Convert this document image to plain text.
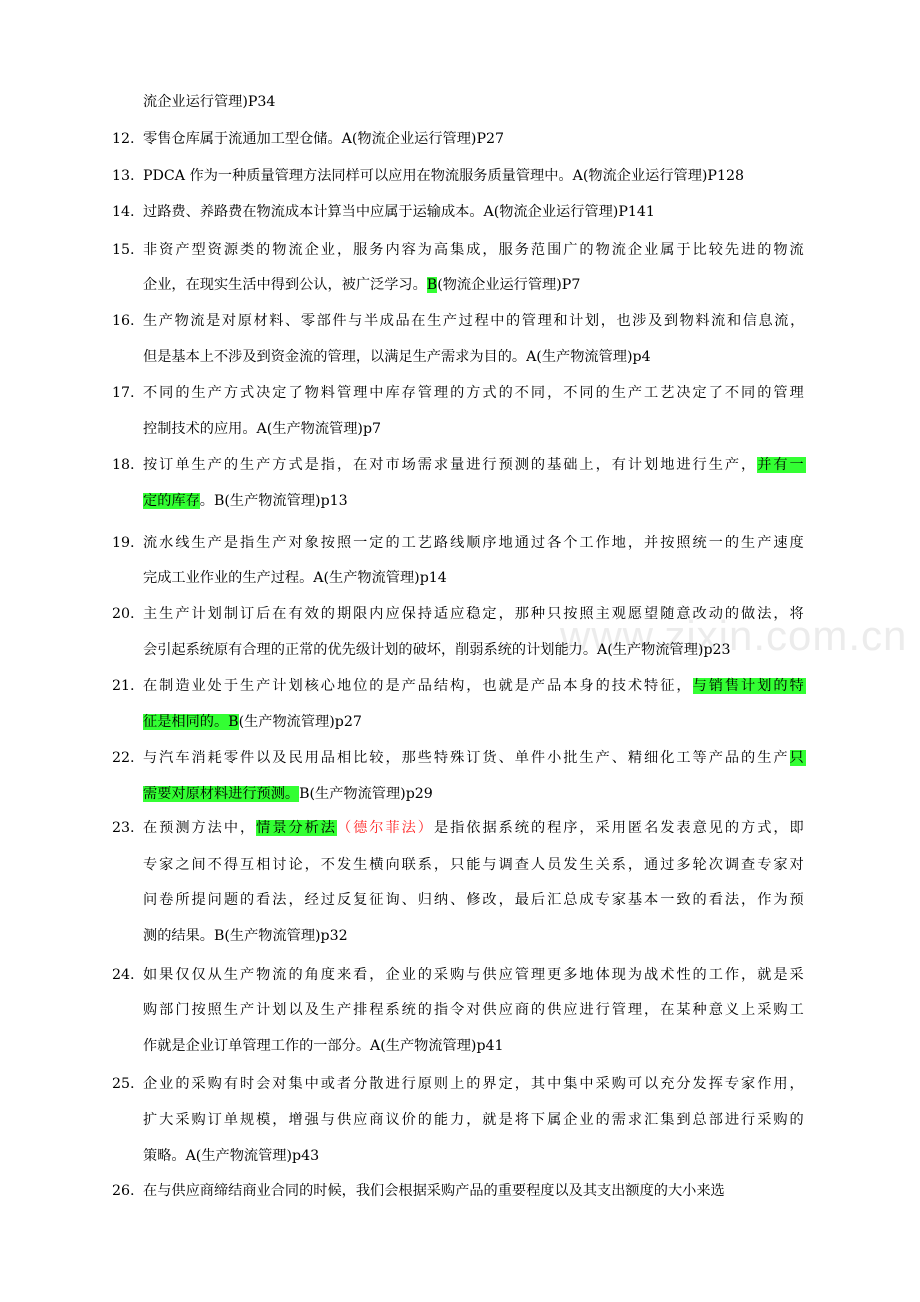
www.zixin.com.cn
流企业运行管理)P34
12. 零售仓库属于流通加工型仓储。A(物流企业运行管理)P27
13. PDCA 作为一种质量管理方法同样可以应用在物流服务质量管理中。A(物流企业运行管理)P128
14. 过路费、养路费在物流成本计算当中应属于运输成本。A(物流企业运行管理)P141
15. 非资产型资源类的物流企业，服务内容为高集成，服务范围广的物流企业属于比较先进的物流
企业，在现实生活中得到公认，被广泛学习。B(物流企业运行管理)P7
16. 生产物流是对原材料、零部件与半成品在生产过程中的管理和计划，也涉及到物料流和信息流，
但是基本上不涉及到资金流的管理，以满足生产需求为目的。A(生产物流管理)p4
17. 不同的生产方式决定了物料管理中库存管理的方式的不同，不同的生产工艺决定了不同的管理
控制技术的应用。A(生产物流管理)p7
18. 按订单生产的生产方式是指，在对市场需求量进行预测的基础上，有计划地进行生产，并有一
定的库存。B(生产物流管理)p13
19. 流水线生产是指生产对象按照一定的工艺路线顺序地通过各个工作地，并按照统一的生产速度
完成工业作业的生产过程。A(生产物流管理)p14
20. 主生产计划制订后在有效的期限内应保持适应稳定，那种只按照主观愿望随意改动的做法，将
会引起系统原有合理的正常的优先级计划的破坏，削弱系统的计划能力。A(生产物流管理)p23
21. 在制造业处于生产计划核心地位的是产品结构，也就是产品本身的技术特征，与销售计划的特
征是相同的。B(生产物流管理)p27
22. 与汽车消耗零件以及民用品相比较，那些特殊订货、单件小批生产、精细化工等产品的生产只
需要对原材料进行预测。B(生产物流管理)p29
23. 在预测方法中，情景分析法（德尔菲法）是指依据系统的程序，采用匿名发表意见的方式，即
专家之间不得互相讨论，不发生横向联系，只能与调查人员发生关系，通过多轮次调查专家对
问卷所提问题的看法，经过反复征询、归纳、修改，最后汇总成专家基本一致的看法，作为预
测的结果。B(生产物流管理)p32
24. 如果仅仅从生产物流的角度来看，企业的采购与供应管理更多地体现为战术性的工作，就是采
购部门按照生产计划以及生产排程系统的指令对供应商的供应进行管理，在某种意义上采购工
作就是企业订单管理工作的一部分。A(生产物流管理)p41
25. 企业的采购有时会对集中或者分散进行原则上的界定，其中集中采购可以充分发挥专家作用，
扩大采购订单规模，增强与供应商议价的能力，就是将下属企业的需求汇集到总部进行采购的
策略。A(生产物流管理)p43
26. 在与供应商缔结商业合同的时候，我们会根据采购产品的重要程度以及其支出额度的大小来选
